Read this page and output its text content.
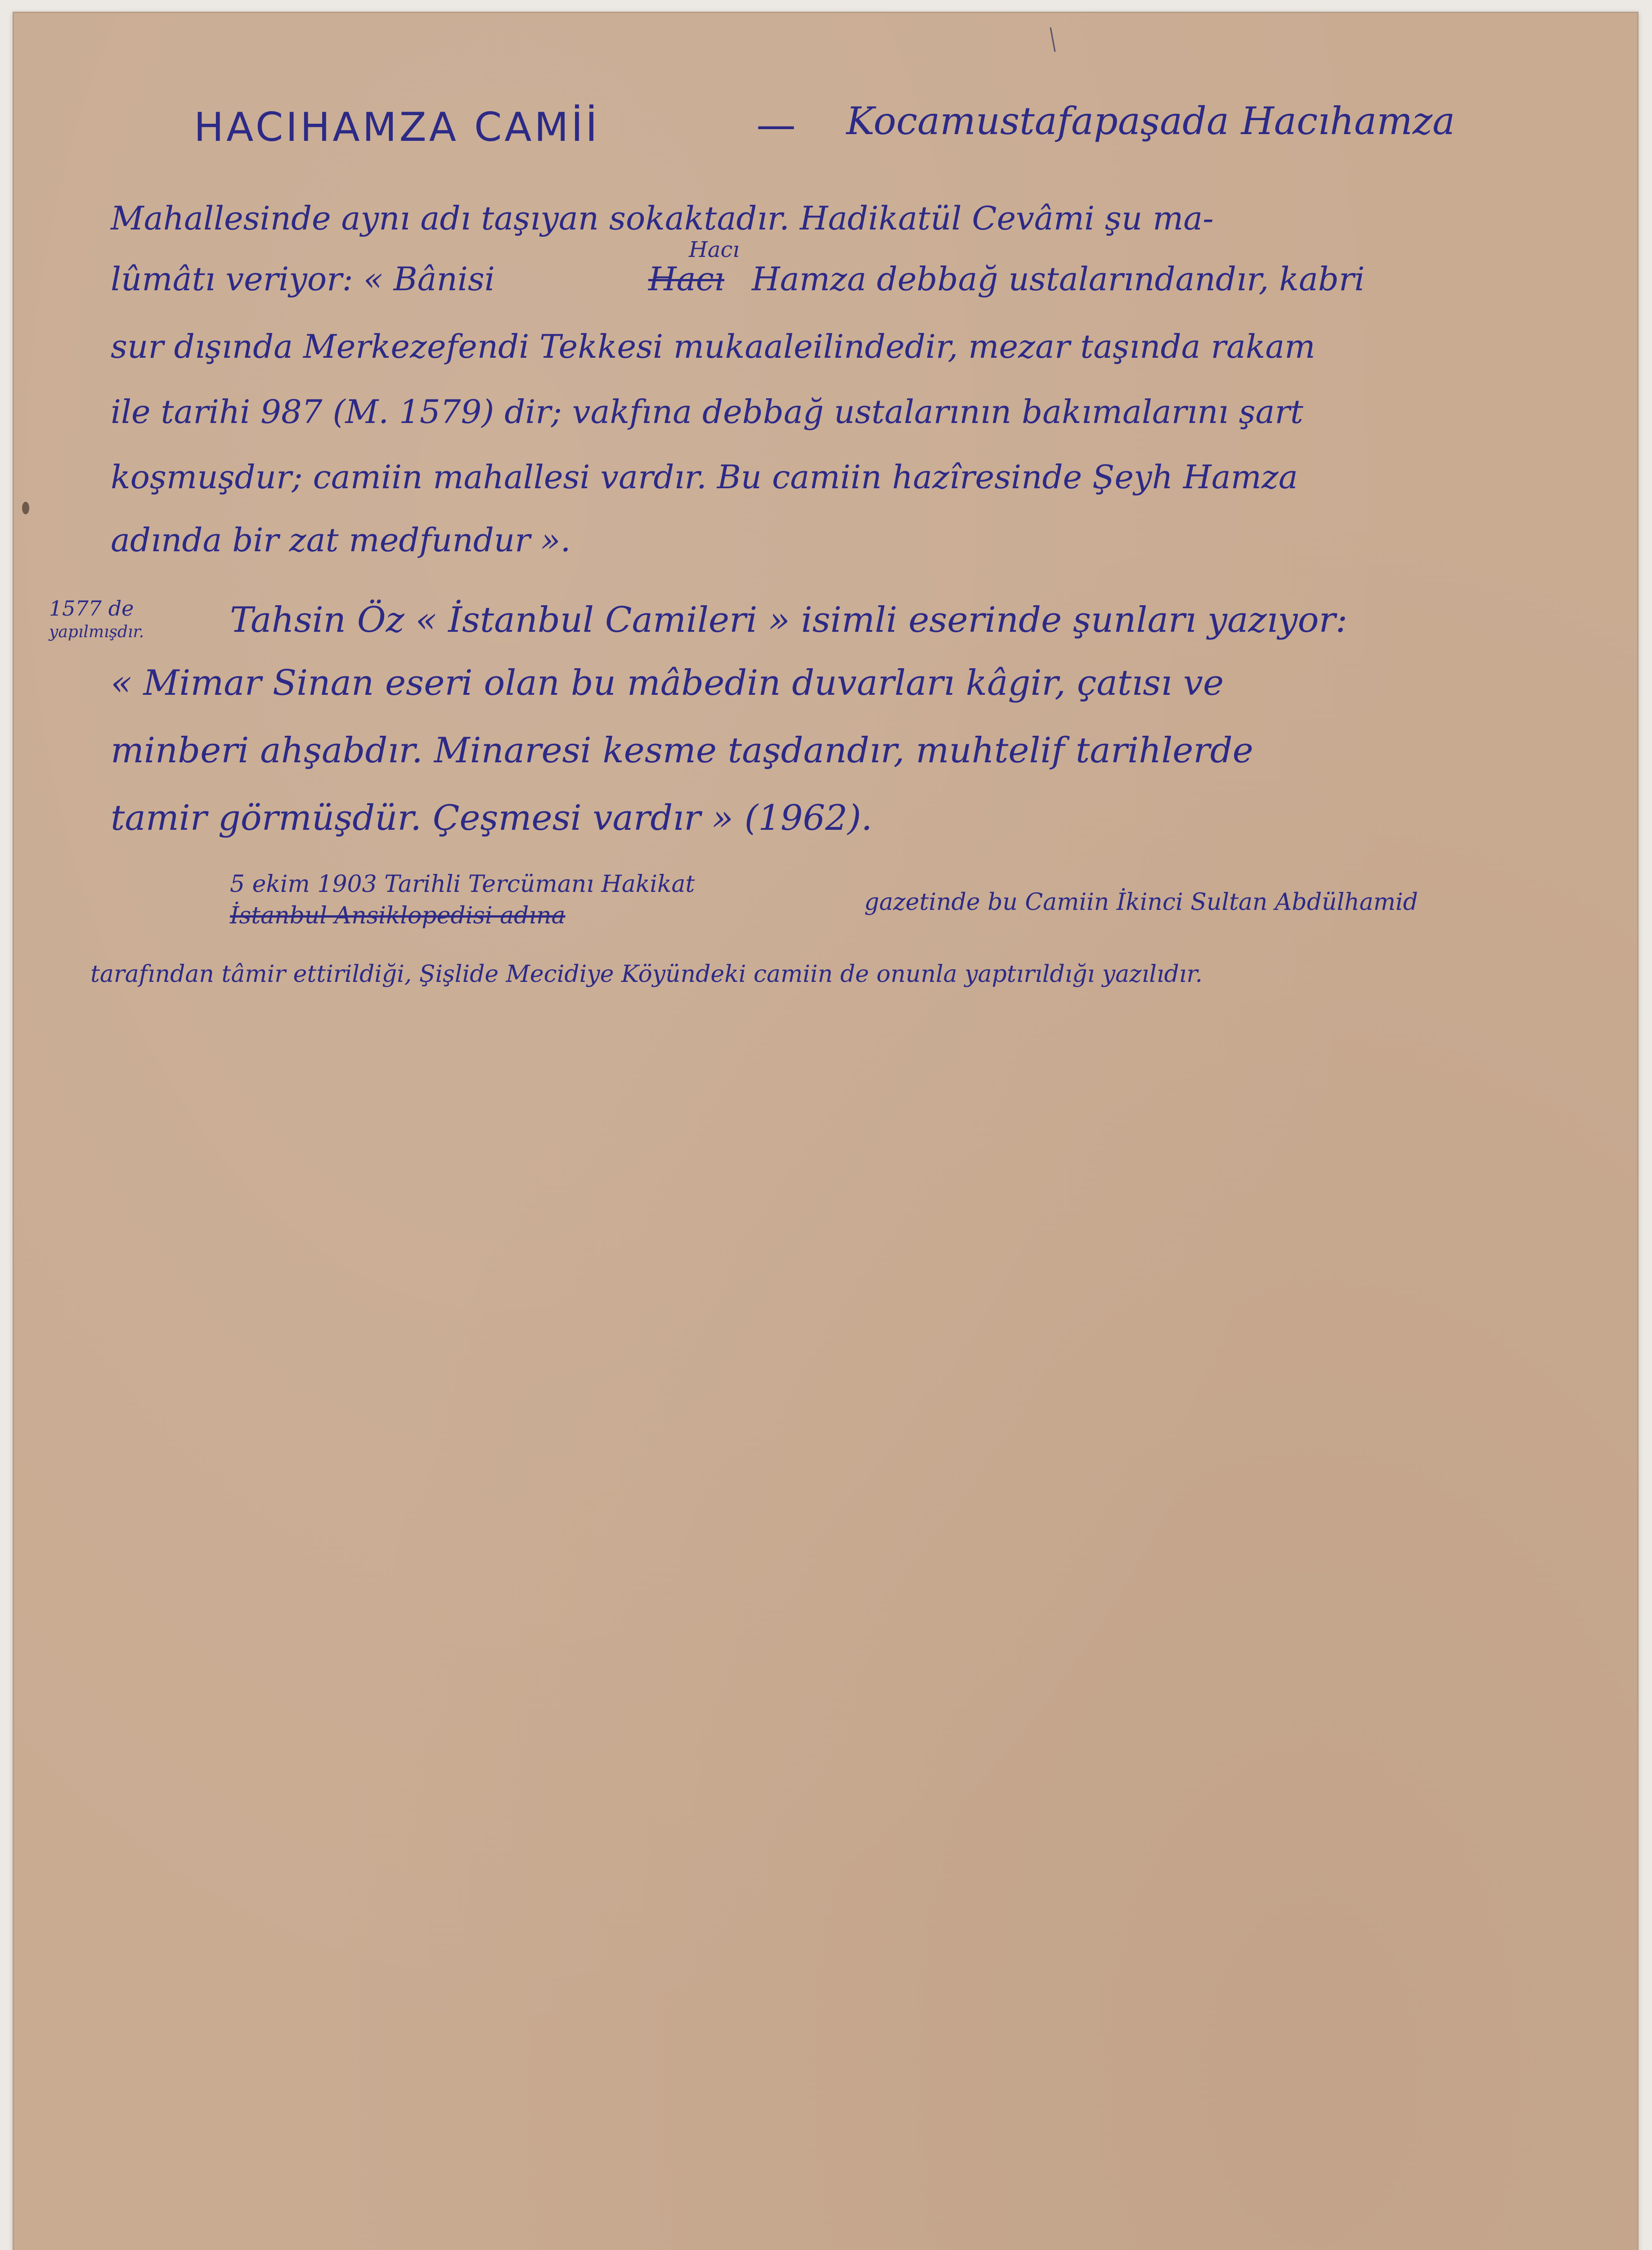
HACIHAMZA CAMİİ	— Kocamustafapaşada Hacıhamza
Mahallesinde aynı adı taşıyan sokaktadır. Hadikatül Cevâmi şu ma-
lûmâtı veriyor: « Bânisi
Hacı
Hacı Hamza debbağ ustalarındandır, kabri
sur dışında Merkezefendi Tekkesi mukaaleilindedir, mezar taşında rakam
ile tarihi 987 (M. 1579) dir; vakfına debbağ ustalarının bakımalarını şart
koşmuşdur; camiin mahallesi vardır. Bu camiin hazîresinde Şeyh Hamza
adında bir zat medfundur ».
1577 de
yapılmışdır. Tahsin Öz « İstanbul Camileri » isimli eserinde şunları yazıyor:
« Mimar Sinan eseri olan bu mâbedin duvarları kâgir, çatısı ve
minberi ahşabdır. Minaresi kesme taşdandır, muhtelif tarihlerde
tamir görmüşdür. Çeşmesi vardır » (1962).
5 ekim 1903 Tarihli Tercümanı Hakikat
İstanbul Ansiklopedisi adına	gazetinde bu Camiin İkinci Sultan Abdülhamid
tarafından tâmir ettirildiği, Şişlide Mecidiye Köyündeki camiin de onunla yaptırıldığı yazılıdır.
